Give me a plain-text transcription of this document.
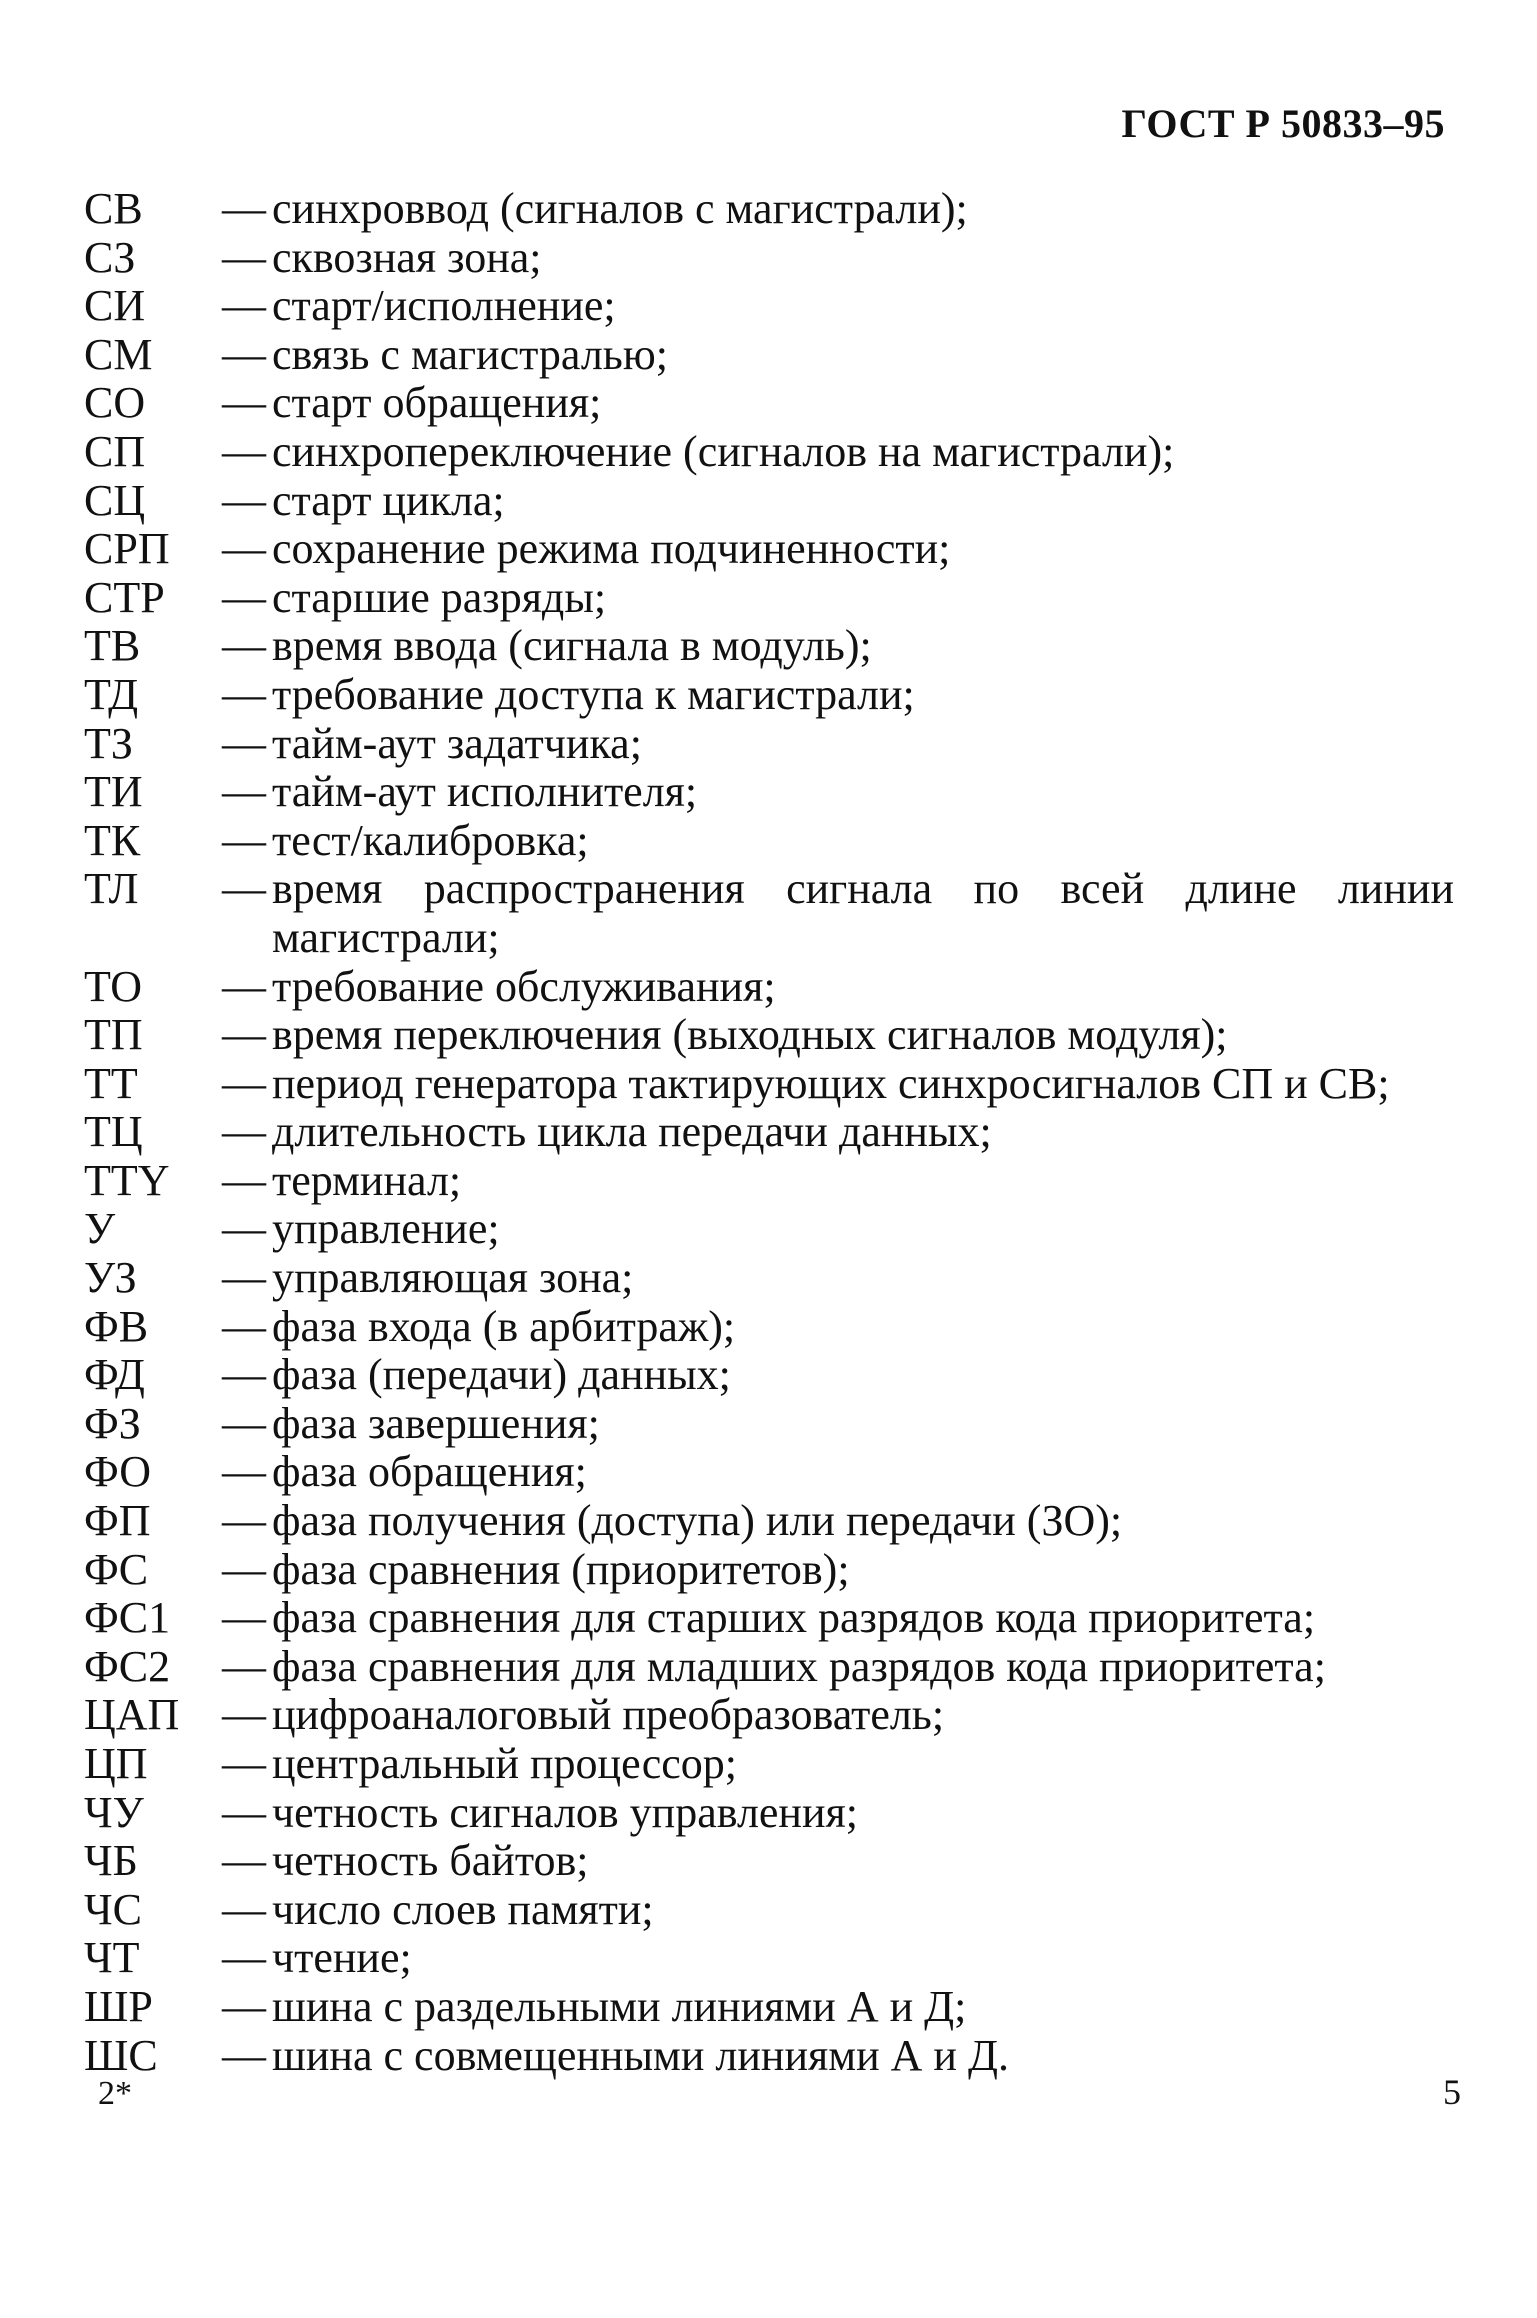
ГОСТ Р 50833–95
СВ	— синхроввод (сигналов с магистрали);
СЗ	— сквозная зона;
СИ	— старт/исполнение;
СМ	— связь с магистралью;
СО	— старт обращения;
СП	— синхропереключение (сигналов на магистрали);
СЦ	— старт цикла;
СРП	— сохранение режима подчиненности;
СТР	— старшие разряды;
ТВ	— время ввода (сигнала в модуль);
ТД	— требование доступа к магистрали;
ТЗ	— тайм-аут задатчика;
ТИ	— тайм-аут исполнителя;
ТК	— тест/калибровка;
ТЛ	— время распространения сигнала по всей длине линии магистрали;
ТО	— требование обслуживания;
ТП	— время переключения (выходных сигналов модуля);
ТТ	— период генератора тактирующих синхросигналов СП и СВ;
ТЦ	— длительность цикла передачи данных;
TTY	— терминал;
У	— управление;
УЗ	— управляющая зона;
ФВ	— фаза входа (в арбитраж);
ФД	— фаза (передачи) данных;
ФЗ	— фаза завершения;
ФО	— фаза обращения;
ФП	— фаза получения (доступа) или передачи (ЗО);
ФС	— фаза сравнения (приоритетов);
ФС1	— фаза сравнения для старших разрядов кода приоритета;
ФС2	— фаза сравнения для младших разрядов кода приоритета;
ЦАП — цифроаналоговый преобразователь;
ЦП	— центральный процессор;
ЧУ	— четность сигналов управления;
ЧБ	— четность байтов;
ЧС	— число слоев памяти;
ЧТ	— чтение;
ШР	— шина с раздельными линиями А и Д;
ШС	— шина с совмещенными линиями А и Д.
2*	5
